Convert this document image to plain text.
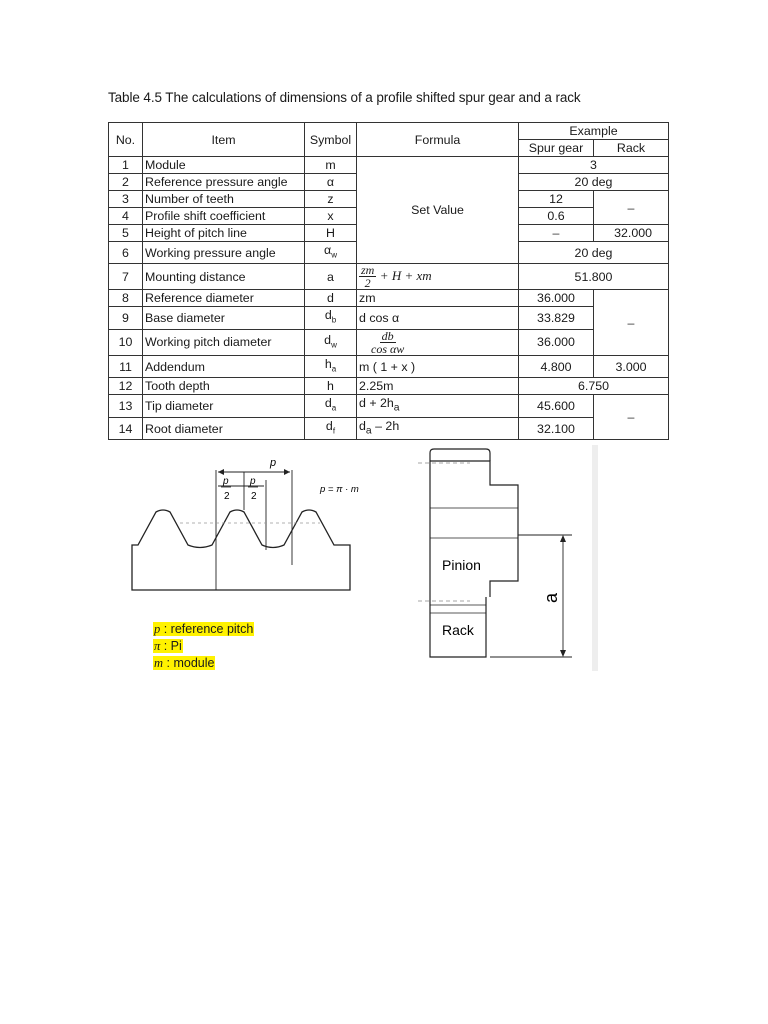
Table 4.5 The calculations of dimensions of a profile shifted spur gear and a rack
No.	Item	Symbol	Formula	Example	
				Spur gear	Rack
1	Module	m	Set Value	3	
2	Reference pressure angle	α		20 deg	
3	Number of teeth	z		12	–
4	Profile shift coefficient	x		0.6	
5	Height of pitch line	H		–	32.000
6	Working pressure angle	$\alpha_w$		20 deg	
7	Mounting distance	a	$\frac{zm}{2} + H$ + xm	51.800	
8	Reference diameter	d	zm	36.000	–
9	Base diameter	$d_b$	d cos α	33.829	
10	Working pitch diameter	$d_w$	$\frac{db}{\text{cos αw}}$	36.000	
11	Addendum	$h_a$	m ( 1 + x )	4.800	3.000
12	Tooth depth	h	2.25m	6.750	
13	Tip diameter	$d_a$	$d + 2h_a$	45.600	–
14	Root diameter	$d_f$	$d_a - 2h$	32.100	
p
p
2
p
2
p = π · m
Pinion
Rack
a
p : reference pitch
π : Pi
m : module
